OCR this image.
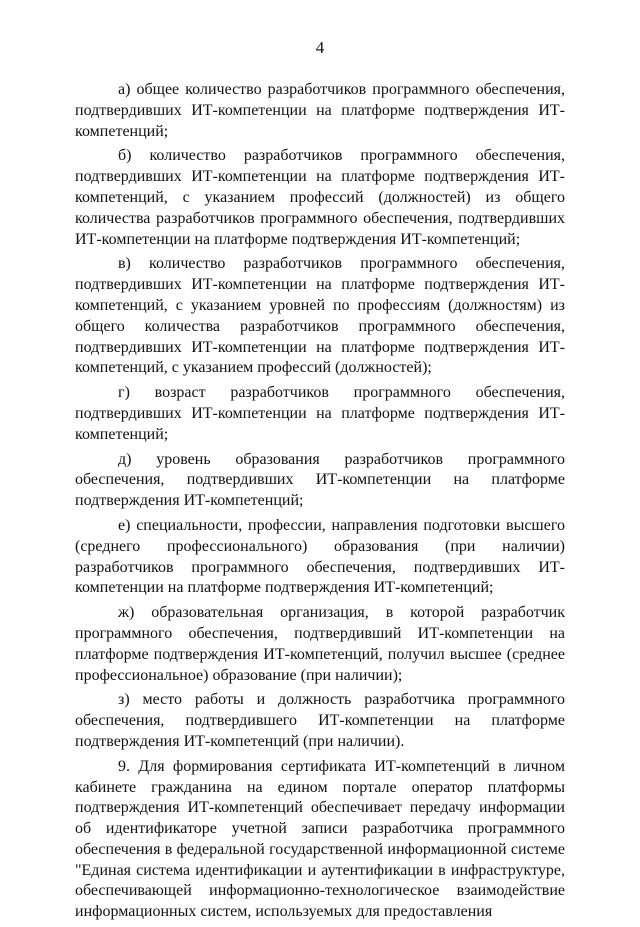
4

а) общее количество разработчиков программного обеспечения, подтвердивших ИТ-компетенции на платформе подтверждения ИТ-компетенций;

б) количество разработчиков программного обеспечения, подтвердивших ИТ-компетенции на платформе подтверждения ИТ-компетенций, с указанием профессий (должностей) из общего количества разработчиков программного обеспечения, подтвердивших ИТ-компетенции на платформе подтверждения ИТ-компетенций;

в) количество разработчиков программного обеспечения, подтвердивших ИТ-компетенции на платформе подтверждения ИТ-компетенций, с указанием уровней по профессиям (должностям) из общего количества разработчиков программного обеспечения, подтвердивших ИТ-компетенции на платформе подтверждения ИТ-компетенций, с указанием профессий (должностей);

г) возраст разработчиков программного обеспечения, подтвердивших ИТ-компетенции на платформе подтверждения ИТ-компетенций;

д) уровень образования разработчиков программного обеспечения, подтвердивших ИТ-компетенции на платформе подтверждения ИТ-компетенций;

е) специальности, профессии, направления подготовки высшего (среднего профессионального) образования (при наличии) разработчиков программного обеспечения, подтвердивших ИТ-компетенции на платформе подтверждения ИТ-компетенций;

ж) образовательная организация, в которой разработчик программного обеспечения, подтвердивший ИТ-компетенции на платформе подтверждения ИТ-компетенций, получил высшее (среднее профессиональное) образование (при наличии);

з) место работы и должность разработчика программного обеспечения, подтвердившего ИТ-компетенции на платформе подтверждения ИТ-компетенций (при наличии).

9. Для формирования сертификата ИТ-компетенций в личном кабинете гражданина на едином портале оператор платформы подтверждения ИТ-компетенций обеспечивает передачу информации об идентификаторе учетной записи разработчика программного обеспечения в федеральной государственной информационной системе "Единая система идентификации и аутентификации в инфраструктуре, обеспечивающей информационно-технологическое взаимодействие информационных систем, используемых для предоставления
